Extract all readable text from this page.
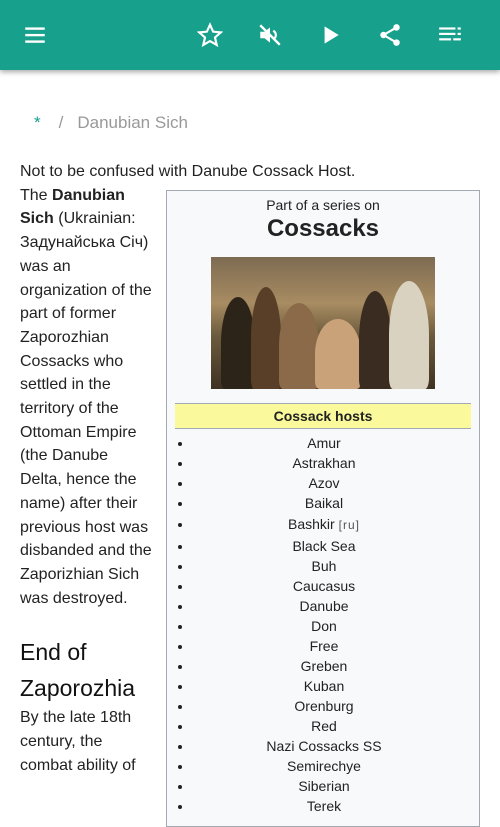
* / Danubian Sich

Not to be confused with Danube Cossack Host.

Part of a series on
Cossacks
Cossack hosts
• Amur
• Astrakhan
• Azov
• Baikal
• Bashkir [ru]
• Black Sea
• Buh
• Caucasus
• Danube
• Don
• Free
• Greben
• Kuban
• Orenburg
• Red
• Nazi Cossacks SS
• Semirechye
• Siberian
• Terek

The Danubian Sich (Ukrainian: Задунайська Січ) was an organization of the part of former Zaporozhian Cossacks who settled in the territory of the Ottoman Empire (the Danube Delta, hence the name) after their previous host was disbanded and the Zaporizhian Sich was destroyed.

End of Zaporozhia

By the late 18th century, the combat ability of
